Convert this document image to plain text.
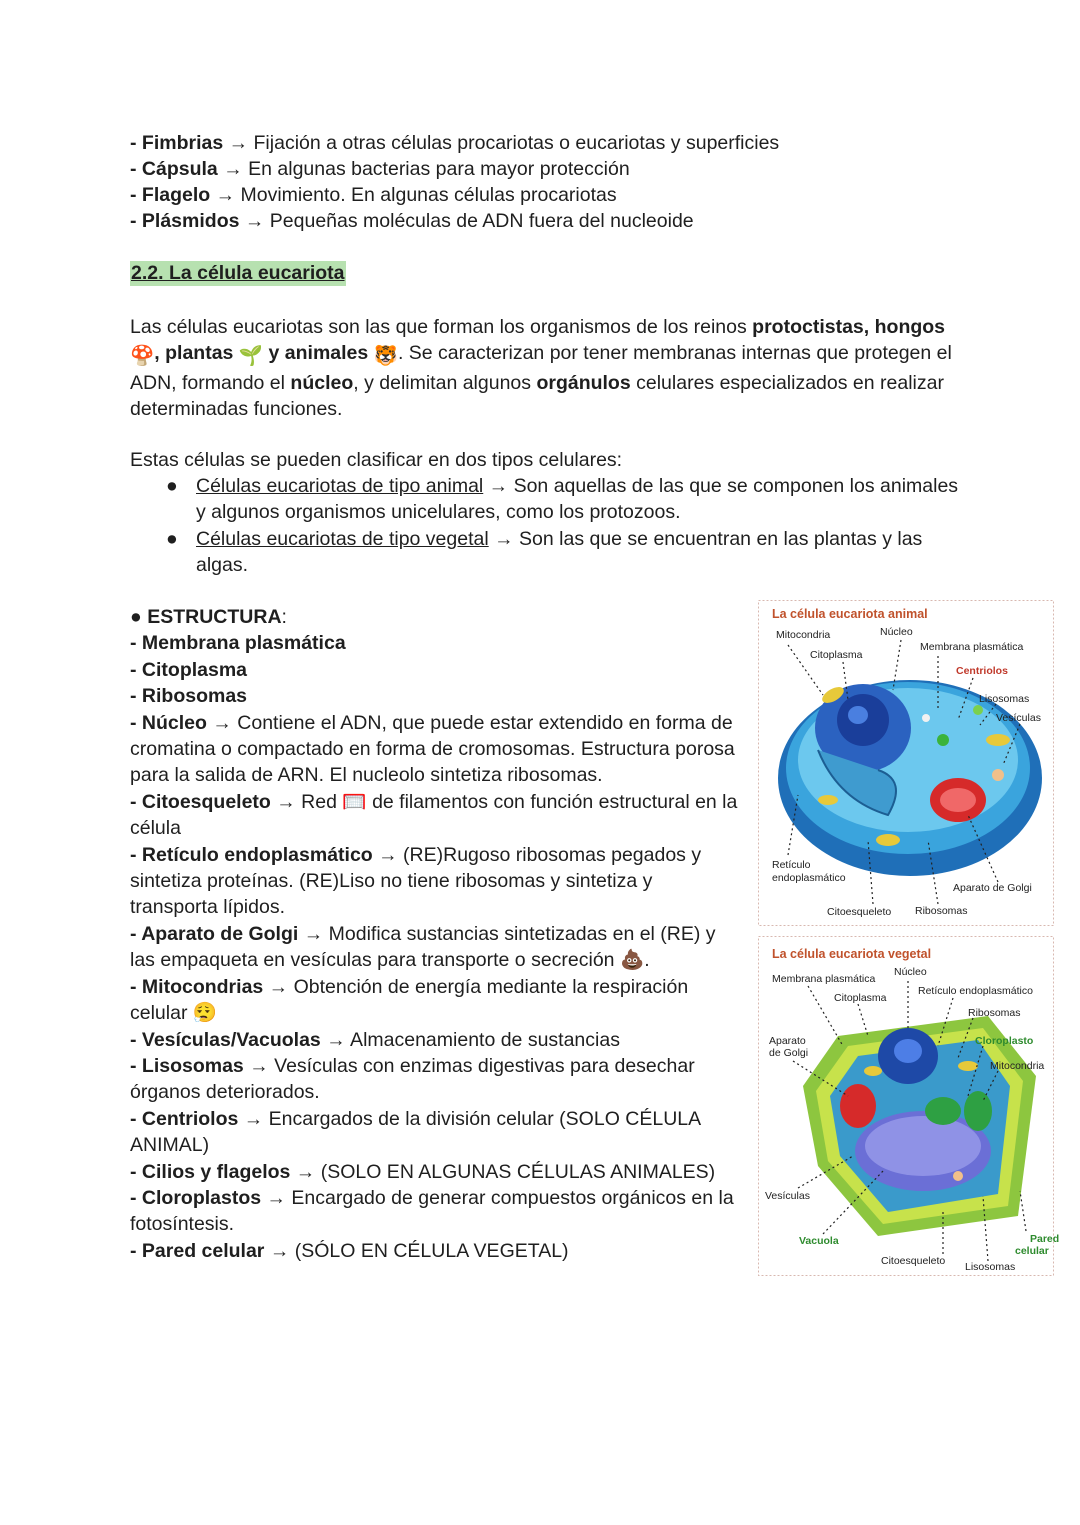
- Fimbrias → Fijación a otras células procariotas o eucariotas y superficies
- Cápsula → En algunas bacterias para mayor protección
- Flagelo → Movimiento. En algunas células procariotas
- Plásmidos → Pequeñas moléculas de ADN fuera del nucleoide
2.2. La célula eucariota
Las células eucariotas son las que forman los organismos de los reinos protoctistas, hongos 🍄, plantas 🌱 y animales 🐯. Se caracterizan por tener membranas internas que protegen el ADN, formando el núcleo, y delimitan algunos orgánulos celulares especializados en realizar determinadas funciones.
Estas células se pueden clasificar en dos tipos celulares:
● Células eucariotas de tipo animal → Son aquellas de las que se componen los animales y algunos organismos unicelulares, como los protozoos.
● Células eucariotas de tipo vegetal → Son las que se encuentran en las plantas y las algas.
● ESTRUCTURA:
- Membrana plasmática
- Citoplasma
- Ribosomas
- Núcleo → Contiene el ADN, que puede estar extendido en forma de cromatina o compactado en forma de cromosomas. Estructura porosa para la salida de ARN. El nucleolo sintetiza ribosomas.
- Citoesqueleto → Red 🥅 de filamentos con función estructural en la célula
- Retículo endoplasmático → (RE)Rugoso ribosomas pegados y sintetiza proteínas. (RE)Liso no tiene ribosomas y sintetiza y transporta lípidos.
- Aparato de Golgi → Modifica sustancias sintetizadas en el (RE) y las empaqueta en vesículas para transporte o secreción 💩.
- Mitocondrias → Obtención de energía mediante la respiración celular 😮‍💨
- Vesículas/Vacuolas → Almacenamiento de sustancias
- Lisosomas → Vesículas con enzimas digestivas para desechar órganos deteriorados.
- Centriolos → Encargados de la división celular (SOLO CÉLULA ANIMAL)
- Cilios y flagelos → (SOLO EN ALGUNAS CÉLULAS ANIMALES)
- Cloroplastos → Encargado de generar compuestos orgánicos en la fotosíntesis.
- Pared celular → (SÓLO EN CÉLULA VEGETAL)
La célula eucariota animal
Mitocondria	Núcleo
Citoplasma
Membrana plasmática
Centriolos
Lisosomas
Vesículas
Retículo
endoplasmático
Aparato de Golgi
Citoesqueleto Ribosomas
La célula eucariota vegetal
Membrana plasmática
Núcleo
Citoplasma
Retículo endoplasmático
Ribosomas
Aparato
de Golgi
Cloroplasto
Mitocondria
Vesículas
Vacuola	Pared
celular
Citoesqueleto Lisosomas
